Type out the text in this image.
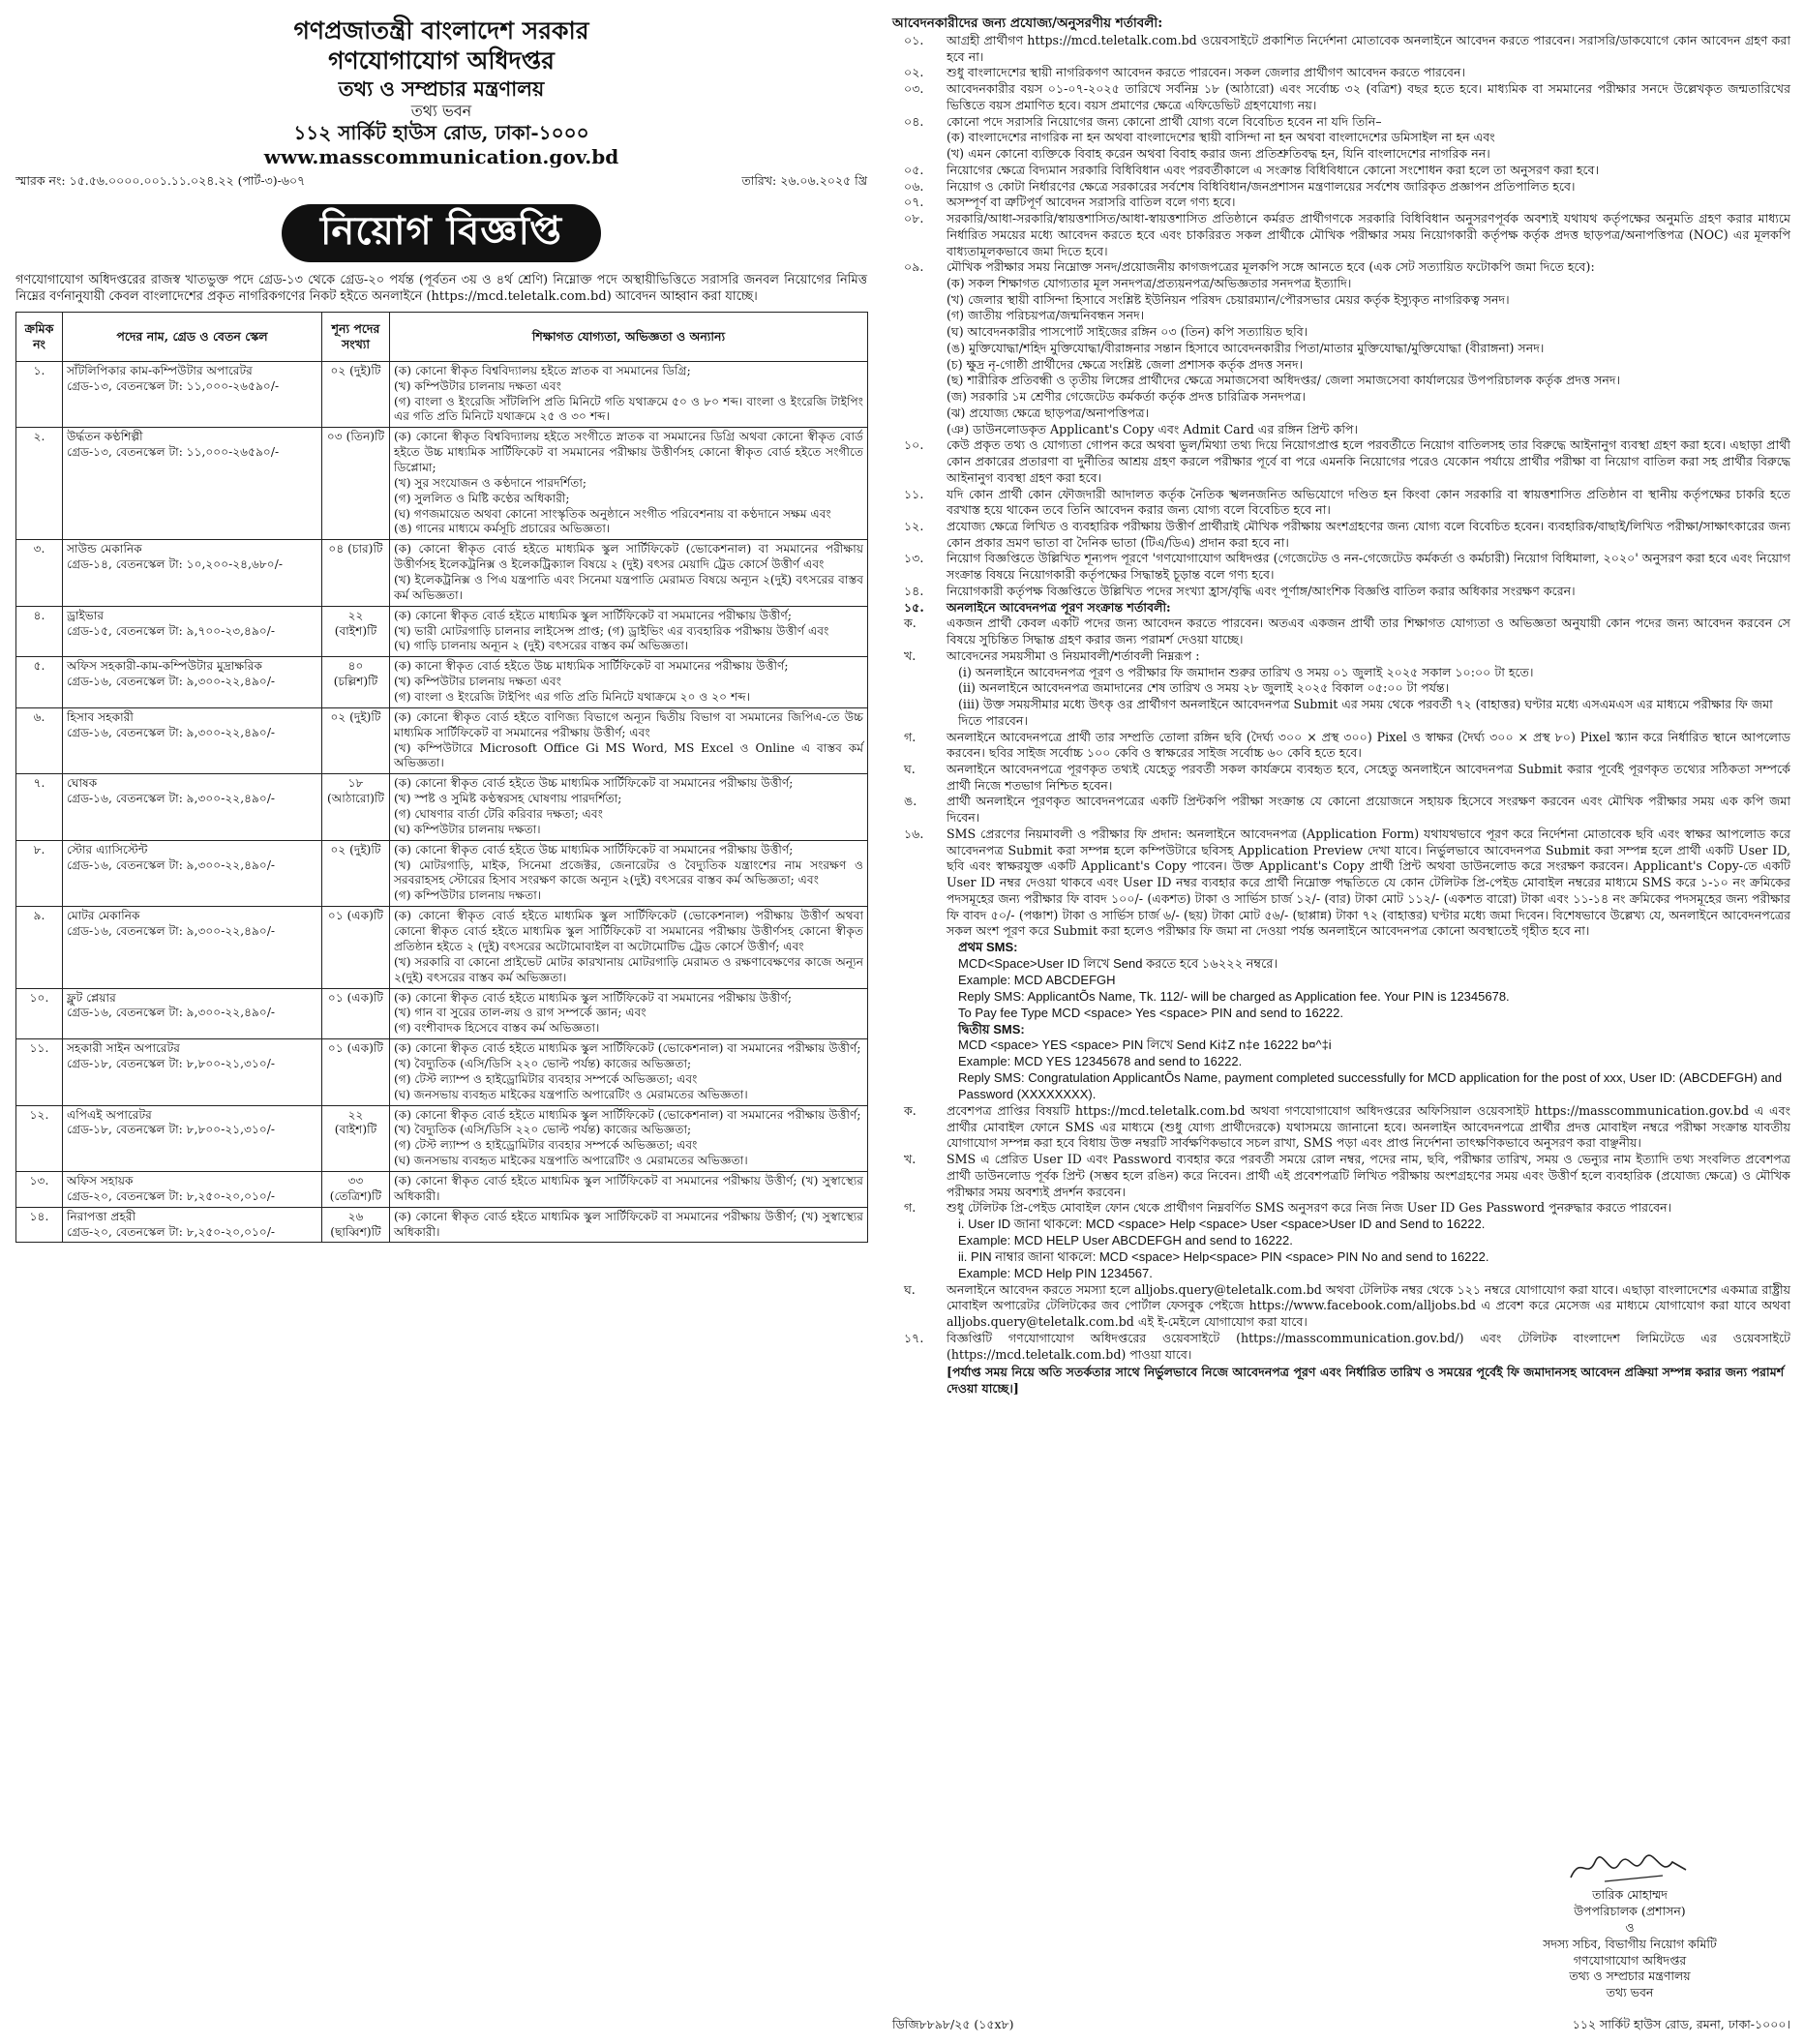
গণপ্রজাতন্ত্রী বাংলাদেশ সরকার
গণযোগাযোগ অধিদপ্তর
তথ্য ও সম্প্রচার মন্ত্রণালয়
তথ্য ভবন
১১২ সার্কিট হাউস রোড, ঢাকা-১০০০
www.masscommunication.gov.bd
স্মারক নং: ১৫.৫৬.০০০০.০০১.১১.০২৪.২২ (পার্ট-৩)-৬০৭	তারিখ: ২৬.০৬.২০২৫ খ্রি
নিয়োগ বিজ্ঞপ্তি
গণযোগাযোগ অধিদপ্তরের রাজস্ব খাতভুক্ত পদে গ্রেড-১৩ থেকে গ্রেড-২০ পর্যন্ত (পূর্বতন ৩য় ও ৪র্থ শ্রেণি) নিম্নোক্ত পদে অস্থায়ীভিত্তিতে সরাসরি জনবল নিয়োগের নিমিত্ত নিম্নের বর্ণনানুযায়ী কেবল বাংলাদেশের প্রকৃত নাগরিকগণের নিকট হইতে অনলাইনে (https://mcd.teletalk.com.bd) আবেদন আহ্বান করা যাচ্ছে।
ক্রমিক নং	পদের নাম, গ্রেড ও বেতন স্কেল	শূন্য পদের সংখ্যা	শিক্ষাগত যোগ্যতা, অভিজ্ঞতা ও অন্যান্য
১.	সাঁটলিপিকার কাম-কম্পিউটার অপারেটর
গ্রেড-১৩, বেতনস্কেল টা: ১১,০০০-২৬৫৯০/-	০২ (দুই)টি	(ক) কোনো স্বীকৃত বিশ্ববিদ্যালয় হইতে স্নাতক বা সমমানের ডিগ্রি;
(খ) কম্পিউটার চালনায় দক্ষতা এবং
(গ) বাংলা ও ইংরেজি সাঁটলিপি প্রতি মিনিটে গতি যথাক্রমে ৫০ ও ৮০ শব্দ। বাংলা ও ইংরেজি টাইপিং এর গতি প্রতি মিনিটে যথাক্রমে ২৫ ও ৩০ শব্দ।

২.	উর্দ্ধতন কণ্ঠশিল্পী
গ্রেড-১৩, বেতনস্কেল টা: ১১,০০০-২৬৫৯০/-	০৩ (তিন)টি	(ক) কোনো স্বীকৃত বিশ্ববিদ্যালয় হইতে সংগীতে স্নাতক বা সমমানের ডিগ্রি অথবা কোনো স্বীকৃত বোর্ড হইতে উচ্চ মাধ্যমিক সার্টিফিকেট বা সমমানের পরীক্ষায় উত্তীর্ণসহ কোনো স্বীকৃত বোর্ড হইতে সংগীতে ডিপ্লোমা;
(খ) সুর সংযোজন ও কণ্ঠদানে পারদর্শিতা;
(গ) সুললিত ও মিষ্টি কণ্ঠের অধিকারী;
(ঘ) গণজমায়েত অথবা কোনো সাংস্কৃতিক অনুষ্ঠানে সংগীত পরিবেশনায় বা কণ্ঠদানে সক্ষম এবং
(ঙ) গানের মাধ্যমে কর্মসূচি প্রচারের অভিজ্ঞতা।

৩.	সাউন্ড মেকানিক
গ্রেড-১৪, বেতনস্কেল টা: ১০,২০০-২৪,৬৮০/-	০৪ (চার)টি	(ক) কোনো স্বীকৃত বোর্ড হইতে মাধ্যমিক স্কুল সার্টিফিকেট (ভোকেশনাল) বা সমমানের পরীক্ষায় উত্তীর্ণসহ ইলেকট্রনিক্স ও ইলেকট্রিক্যাল বিষয়ে ২ (দুই) বৎসর মেয়াদি ট্রেড কোর্সে উত্তীর্ণ এবং
(খ) ইলেকট্রনিক্স ও পিএ যন্ত্রপাতি এবং সিনেমা যন্ত্রপাতি মেরামত বিষয়ে অন্যূন ২(দুই) বৎসরের বাস্তব কর্ম অভিজ্ঞতা।

৪.	ড্রাইভার
গ্রেড-১৫, বেতনস্কেল টা: ৯,৭০০-২৩,৪৯০/-	২২ (বাইশ)টি	(ক) কোনো স্বীকৃত বোর্ড হইতে মাধ্যমিক স্কুল সার্টিফিকেট বা সমমানের পরীক্ষায় উত্তীর্ণ;
(খ) ভারী মোটরগাড়ি চালনার লাইসেন্স প্রাপ্ত; (গ) ড্রাইভিং এর ব্যবহারিক পরীক্ষায় উত্তীর্ণ এবং
(ঘ) গাড়ি চালনায় অন্যূন ২ (দুই) বৎসরের বাস্তব কর্ম অভিজ্ঞতা।

৫.	অফিস সহকারী-কাম-কম্পিউটার মুদ্রাক্ষরিক
গ্রেড-১৬, বেতনস্কেল টা: ৯,৩০০-২২,৪৯০/-	৪০ (চল্লিশ)টি	(ক) কানো স্বীকৃত বোর্ড হইতে উচ্চ মাধ্যমিক সার্টিফিকেট বা সমমানের পরীক্ষায় উত্তীর্ণ;
(খ) কম্পিউটার চালনায় দক্ষতা এবং
(গ) বাংলা ও ইংরেজি টাইপিং এর গতি প্রতি মিনিটে যথাক্রমে ২০ ও ২০ শব্দ।

৬.	হিসাব সহকারী
গ্রেড-১৬, বেতনস্কেল টা: ৯,৩০০-২২,৪৯০/-	০২ (দুই)টি	(ক) কোনো স্বীকৃত বোর্ড হইতে বাণিজ্য বিভাগে অন্যূন দ্বিতীয় বিভাগ বা সমমানের জিপিএ-তে উচ্চ মাধ্যমিক সার্টিফিকেট বা সমমানের পরীক্ষায় উত্তীর্ণ; এবং
(খ) কম্পিউটারে Microsoft Office Gi MS Word, MS Excel ও Online এ বাস্তব কর্ম অভিজ্ঞতা।

৭.	ঘোষক
গ্রেড-১৬, বেতনস্কেল টা: ৯,৩০০-২২,৪৯০/-	১৮ (আঠারো)টি	(ক) কোনো স্বীকৃত বোর্ড হইতে উচ্চ মাধ্যমিক সার্টিফিকেট বা সমমানের পরীক্ষায় উত্তীর্ণ;
(খ) স্পষ্ট ও সুমিষ্ট কণ্ঠস্বরসহ ঘোষণায় পারদর্শিতা;
(গ) ঘোষণার বার্তা টেরি করিবার দক্ষতা; এবং
(ঘ) কম্পিউটার চালনায় দক্ষতা।

৮.	স্টোর এ্যাসিস্টেন্ট
গ্রেড-১৬, বেতনস্কেল টা: ৯,৩০০-২২,৪৯০/-	০২ (দুই)টি	(ক) কোনো স্বীকৃত বোর্ড হইতে উচ্চ মাধ্যমিক সার্টিফিকেট বা সমমানের পরীক্ষায় উত্তীর্ণ;
(খ) মোটরগাড়ি, মাইক, সিনেমা প্রজেক্টর, জেনারেটর ও বৈদ্যুতিক যন্ত্রাংশের নাম সংরক্ষণ ও সরবরাহসহ স্টোরের হিসাব সংরক্ষণ কাজে অন্যূন ২(দুই) বৎসরের বাস্তব কর্ম অভিজ্ঞতা; এবং
(গ) কম্পিউটার চালনায় দক্ষতা।

৯.	মোটর মেকানিক
গ্রেড-১৬, বেতনস্কেল টা: ৯,৩০০-২২,৪৯০/-	০১ (এক)টি	(ক) কোনো স্বীকৃত বোর্ড হইতে মাধ্যমিক স্কুল সার্টিফিকেট (ভোকেশনাল) পরীক্ষায় উত্তীর্ণ অথবা কোনো স্বীকৃত বোর্ড হইতে মাধ্যমিক স্কুল সার্টিফিকেট বা সমমানের পরীক্ষায় উত্তীর্ণসহ কোনো স্বীকৃত প্রতিষ্ঠান হইতে ২ (দুই) বৎসরের অটোমোবাইল বা অটোমোটিভ ট্রেড কোর্সে উত্তীর্ণ; এবং
(খ) সরকারি বা কোনো প্রাইভেট মোটর কারখানায় মোটরগাড়ি মেরামত ও রক্ষণাবেক্ষণের কাজে অন্যূন ২(দুই) বৎসরের বাস্তব কর্ম অভিজ্ঞতা।

১০.	ফ্লুট প্লেয়ার
গ্রেড-১৬, বেতনস্কেল টা: ৯,৩০০-২২,৪৯০/-	০১ (এক)টি	(ক) কোনো স্বীকৃত বোর্ড হইতে মাধ্যমিক স্কুল সার্টিফিকেট বা সমমানের পরীক্ষায় উত্তীর্ণ;
(খ) গান বা সুরের তাল-লয় ও রাগ সম্পর্কে জ্ঞান; এবং
(গ) বংশীবাদক হিসেবে বাস্তব কর্ম অভিজ্ঞতা।

১১.	সহকারী সাইন অপারেটর
গ্রেড-১৮, বেতনস্কেল টা: ৮,৮০০-২১,৩১০/-	০১ (এক)টি	(ক) কোনো স্বীকৃত বোর্ড হইতে মাধ্যমিক স্কুল সার্টিফিকেট (ভোকেশনাল) বা সমমানের পরীক্ষায় উত্তীর্ণ;
(খ) বৈদ্যুতিক (এসি/ডিসি ২২০ ভোল্ট পর্যন্ত) কাজের অভিজ্ঞতা;
(গ) টেস্ট ল্যাম্প ও হাইড্রোমিটার ব্যবহার সম্পর্কে অভিজ্ঞতা; এবং
(ঘ) জনসভায় ব্যবহৃত মাইকের যন্ত্রপাতি অপারেটিং ও মেরামতের অভিজ্ঞতা।

১২.	এপিএই অপারেটর
গ্রেড-১৮, বেতনস্কেল টা: ৮,৮০০-২১,৩১০/-	২২ (বাইশ)টি	(ক) কোনো স্বীকৃত বোর্ড হইতে মাধ্যমিক স্কুল সার্টিফিকেট (ভোকেশনাল) বা সমমানের পরীক্ষায় উত্তীর্ণ;
(খ) বৈদ্যুতিক (এসি/ডিসি ২২০ ভোল্ট পর্যন্ত) কাজের অভিজ্ঞতা;
(গ) টেস্ট ল্যাম্প ও হাইড্রোমিটার ব্যবহার সম্পর্কে অভিজ্ঞতা; এবং
(ঘ) জনসভায় ব্যবহৃত মাইকের যন্ত্রপাতি অপারেটিং ও মেরামতের অভিজ্ঞতা।

১৩.	অফিস সহায়ক
গ্রেড-২০, বেতনস্কেল টা: ৮,২৫০-২০,০১০/-	৩৩ (তেত্রিশ)টি	(ক) কোনো স্বীকৃত বোর্ড হইতে মাধ্যমিক স্কুল সার্টিফিকেট বা সমমানের পরীক্ষায় উত্তীর্ণ; (খ) সুস্বাস্থ্যের অধিকারী।

১৪.	নিরাপত্তা প্রহরী
গ্রেড-২০, বেতনস্কেল টা: ৮,২৫০-২০,০১০/-	২৬ (ছাব্বিশ)টি	(ক) কোনো স্বীকৃত বোর্ড হইতে মাধ্যমিক স্কুল সার্টিফিকেট বা সমমানের পরীক্ষায় উত্তীর্ণ; (খ) সুস্বাস্থ্যের অধিকারী।
আবেদনকারীদের জন্য প্রযোজ্য/অনুসরণীয় শর্তাবলী:
০১.	আগ্রহী প্রার্থীগণ https://mcd.teletalk.com.bd ওয়েবসাইটে প্রকাশিত নির্দেশনা মোতাবেক অনলাইনে আবেদন করতে পারবেন। সরাসরি/ডাকযোগে কোন আবেদন গ্রহণ করা হবে না।
০২.	শুধু বাংলাদেশের স্থায়ী নাগরিকগণ আবেদন করতে পারবেন। সকল জেলার প্রার্থীগণ আবেদন করতে পারবেন।
০৩.	আবেদনকারীর বয়স ০১-০৭-২০২৫ তারিখে সর্বনিম্ন ১৮ (আঠারো) এবং সর্বোচ্চ ৩২ (বত্রিশ) বছর হতে হবে। মাধ্যমিক বা সমমানের পরীক্ষার সনদে উল্লেখকৃত জন্মতারিখের ভিত্তিতে বয়স প্রমাণিত হবে। বয়স প্রমাণের ক্ষেত্রে এফিডেভিট গ্রহণযোগ্য নয়।
০৪.	কোনো পদে সরাসরি নিয়োগের জন্য কোনো প্রার্থী যোগ্য বলে বিবেচিত হবেন না যদি তিনি–
(ক) বাংলাদেশের নাগরিক না হন অথবা বাংলাদেশের স্থায়ী বাসিন্দা না হন অথবা বাংলাদেশের ডমিসাইল না হন এবং
(খ) এমন কোনো ব্যক্তিকে বিবাহ করেন অথবা বিবাহ করার জন্য প্রতিশ্রুতিবদ্ধ হন, যিনি বাংলাদেশের নাগরিক নন।
০৫.	নিয়োগের ক্ষেত্রে বিদ্যমান সরকারি বিধিবিধান এবং পরবর্তীকালে এ সংক্রান্ত বিধিবিধানে কোনো সংশোধন করা হলে তা অনুসরণ করা হবে।
০৬.	নিয়োগ ও কোটা নির্ধারণের ক্ষেত্রে সরকারের সর্বশেষ বিধিবিধান/জনপ্রশাসন মন্ত্রণালয়ের সর্বশেষ জারিকৃত প্রজ্ঞাপন প্রতিপালিত হবে।
০৭.	অসম্পূর্ণ বা ত্রুটিপূর্ণ আবেদন সরাসরি বাতিল বলে গণ্য হবে।
০৮.	সরকারি/আধা-সরকারি/স্বায়ত্তশাসিত/আধা-স্বায়ত্তশাসিত প্রতিষ্ঠানে কর্মরত প্রার্থীগণকে সরকারি বিধিবিধান অনুসরণপূর্বক অবশ্যই যথাযথ কর্তৃপক্ষের অনুমতি গ্রহণ করার মাধ্যমে নির্ধারিত সময়ের মধ্যে আবেদন করতে হবে এবং চাকরিরত সকল প্রার্থীকে মৌখিক পরীক্ষার সময় নিয়োগকারী কর্তৃপক্ষ কর্তৃক প্রদত্ত ছাড়পত্র/অনাপত্তিপত্র (NOC) এর মূলকপি বাধ্যতামূলকভাবে জমা দিতে হবে।
০৯.	মৌখিক পরীক্ষার সময় নিম্নোক্ত সনদ/প্রয়োজনীয় কাগজপত্রের মূলকপি সঙ্গে আনতে হবে (এক সেট সত্যায়িত ফটোকপি জমা দিতে হবে):
(ক) সকল শিক্ষাগত যোগ্যতার মূল সনদপত্র/প্রত্যয়নপত্র/অভিজ্ঞতার সনদপত্র ইত্যাদি।
(খ) জেলার স্থায়ী বাসিন্দা হিসাবে সংশ্লিষ্ট ইউনিয়ন পরিষদ চেয়ারম্যান/পৌরসভার মেয়র কর্তৃক ইস্যুকৃত নাগরিকত্ব সনদ।
(গ) জাতীয় পরিচয়পত্র/জন্মনিবন্ধন সনদ।
(ঘ) আবেদনকারীর পাসপোর্ট সাইজের রঙ্গিন ০৩ (তিন) কপি সত্যায়িত ছবি।
(ঙ) মুক্তিযোদ্ধা/শহিদ মুক্তিযোদ্ধা/বীরাঙ্গনার সন্তান হিসাবে আবেদনকারীর পিতা/মাতার মুক্তিযোদ্ধা/মুক্তিযোদ্ধা (বীরাঙ্গনা) সনদ।
(চ) ক্ষুদ্র নৃ-গোষ্ঠী প্রার্থীদের ক্ষেত্রে সংশ্লিষ্ট জেলা প্রশাসক কর্তৃক প্রদত্ত সনদ।
(ছ) শারীরিক প্রতিবন্ধী ও তৃতীয় লিঙ্গের প্রার্থীদের ক্ষেত্রে সমাজসেবা অধিদপ্তর/ জেলা সমাজসেবা কার্যালয়ের উপপরিচালক কর্তৃক প্রদত্ত সনদ।
(জ) সরকারি ১ম শ্রেণীর গেজেটেড কর্মকর্তা কর্তৃক প্রদত্ত চারিত্রিক সনদপত্র।
(ঝ) প্রযোজ্য ক্ষেত্রে ছাড়পত্র/অনাপত্তিপত্র।
(ঞ) ডাউনলোডকৃত Applicant's Copy এবং Admit Card এর রঙ্গিন প্রিন্ট কপি।
১০.	কেউ প্রকৃত তথ্য ও যোগ্যতা গোপন করে অথবা ভুল/মিথ্যা তথ্য দিয়ে নিয়োগপ্রাপ্ত হলে পরবর্তীতে নিয়োগ বাতিলসহ তার বিরুদ্ধে আইনানুগ ব্যবস্থা গ্রহণ করা হবে। এছাড়া প্রার্থী কোন প্রকারের প্রতারণা বা দুর্নীতির আশ্রয় গ্রহণ করলে পরীক্ষার পূর্বে বা পরে এমনকি নিয়োগের পরেও যেকোন পর্যায়ে প্রার্থীর পরীক্ষা বা নিয়োগ বাতিল করা সহ প্রার্থীর বিরুদ্ধে আইনানুগ ব্যবস্থা গ্রহণ করা হবে।
১১.	যদি কোন প্রার্থী কোন ফৌজদারী আদালত কর্তৃক নৈতিক স্খলনজনিত অভিযোগে দণ্ডিত হন কিংবা কোন সরকারি বা স্বায়ত্তশাসিত প্রতিষ্ঠান বা স্থানীয় কর্তৃপক্ষের চাকরি হতে বরখাস্ত হয়ে থাকেন তবে তিনি আবেদন করার জন্য যোগ্য বলে বিবেচিত হবে না।
১২.	প্রযোজ্য ক্ষেত্রে লিখিত ও ব্যবহারিক পরীক্ষায় উত্তীর্ণ প্রার্থীরাই মৌখিক পরীক্ষায় অংশগ্রহণের জন্য যোগ্য বলে বিবেচিত হবেন। ব্যবহারিক/বাছাই/লিখিত পরীক্ষা/সাক্ষাৎকারের জন্য কোন প্রকার ভ্রমণ ভাতা বা দৈনিক ভাতা (টিএ/ডিএ) প্রদান করা হবে না।
১৩.	নিয়োগ বিজ্ঞপ্তিতে উল্লিখিত শূন্যপদ পূরণে 'গণযোগাযোগ অধিদপ্তর (গেজেটেড ও নন-গেজেটেড কর্মকর্তা ও কর্মচারী) নিয়োগ বিধিমালা, ২০২০' অনুসরণ করা হবে এবং নিয়োগ সংক্রান্ত বিষয়ে নিয়োগকারী কর্তৃপক্ষের সিদ্ধান্তই চূড়ান্ত বলে গণ্য হবে।
১৪.	নিয়োগকারী কর্তৃপক্ষ বিজ্ঞপ্তিতে উল্লিখিত পদের সংখ্যা হ্রাস/বৃদ্ধি এবং পূর্ণাঙ্গ/আংশিক বিজ্ঞপ্তি বাতিল করার অধিকার সংরক্ষণ করেন।
১৫.	অনলাইনে আবেদনপত্র পূরণ সংক্রান্ত শর্তাবলী:
ক.	একজন প্রার্থী কেবল একটি পদের জন্য আবেদন করতে পারবেন। অতএব একজন প্রার্থী তার শিক্ষাগত যোগ্যতা ও অভিজ্ঞতা অনুযায়ী কোন পদের জন্য আবেদন করবেন সে বিষয়ে সুচিন্তিত সিদ্ধান্ত গ্রহণ করার জন্য পরামর্শ দেওয়া যাচ্ছে।
খ.	আবেদনের সময়সীমা ও নিয়মাবলী/শর্তাবলী নিম্নরূপ :
(i) অনলাইনে আবেদনপত্র পূরণ ও পরীক্ষার ফি জমাদান শুরুর তারিখ ও সময় ০১ জুলাই ২০২৫ সকাল ১০:০০ টা হতে।
(ii) অনলাইনে আবেদনপত্র জমাদানের শেষ তারিখ ও সময় ২৮ জুলাই ২০২৫ বিকাল ০৫:০০ টা পর্যন্ত।
(iii) উক্ত সময়সীমার মধ্যে উৎকৃ ওর প্রার্থীগণ অনলাইনে আবেদনপত্র Submit এর সময় থেকে পরবর্তী ৭২ (বাহাত্তর) ঘণ্টার মধ্যে এসএমএস এর মাধ্যমে পরীক্ষার ফি জমা দিতে পারবেন।
গ.	অনলাইনে আবেদনপত্রে প্রার্থী তার সম্প্রতি তোলা রঙ্গিন ছবি (দৈর্ঘ্য ৩০০ × প্রস্থ ৩০০) Pixel ও স্বাক্ষর (দৈর্ঘ্য ৩০০ × প্রস্থ ৮০) Pixel স্ক্যান করে নির্ধারিত স্থানে আপলোড করবেন। ছবির সাইজ সর্বোচ্চ ১০০ কেবি ও স্বাক্ষরের সাইজ সর্বোচ্চ ৬০ কেবি হতে হবে।
ঘ.	অনলাইনে আবেদনপত্রে পূরণকৃত তথ্যই যেহেতু পরবর্তী সকল কার্যক্রমে ব্যবহৃত হবে, সেহেতু অনলাইনে আবেদনপত্র Submit করার পূর্বেই পূরণকৃত তথ্যের সঠিকতা সম্পর্কে প্রার্থী নিজে শতভাগ নিশ্চিত হবেন।
ঙ.	প্রার্থী অনলাইনে পূরণকৃত আবেদনপত্রের একটি প্রিন্টকপি পরীক্ষা সংক্রান্ত যে কোনো প্রয়োজনে সহায়ক হিসেবে সংরক্ষণ করবেন এবং মৌখিক পরীক্ষার সময় এক কপি জমা দিবেন।
১৬.	SMS প্রেরণের নিয়মাবলী ও পরীক্ষার ফি প্রদান: অনলাইনে আবেদনপত্র (Application Form) যথাযথভাবে পূরণ করে নির্দেশনা মোতাবেক ছবি এবং স্বাক্ষর আপলোড করে আবেদনপত্র Submit করা সম্পন্ন হলে কম্পিউটারে ছবিসহ Application Preview দেখা যাবে। নির্ভুলভাবে আবেদনপত্র Submit করা সম্পন্ন হলে প্রার্থী একটি User ID, ছবি এবং স্বাক্ষরযুক্ত একটি Applicant's Copy পাবেন। উক্ত Applicant's Copy প্রার্থী প্রিন্ট অথবা ডাউনলোড করে সংরক্ষণ করবেন। Applicant's Copy-তে একটি User ID নম্বর দেওয়া থাকবে এবং User ID নম্বর ব্যবহার করে প্রার্থী নিম্নোক্ত পদ্ধতিতে যে কোন টেলিটক প্রি-পেইড মোবাইল নম্বরের মাধ্যমে SMS করে ১-১০ নং ক্রমিকের পদসমূহের জন্য পরীক্ষার ফি বাবদ ১০০/- (একশত) টাকা ও সার্ভিস চার্জ ১২/- (বার) টাকা মোট ১১২/- (একশত বারো) টাকা এবং ১১-১৪ নং ক্রমিকের পদসমূহের জন্য পরীক্ষার ফি বাবদ ৫০/- (পঞ্চাশ) টাকা ও সার্ভিস চার্জ ৬/- (ছয়) টাকা মোট ৫৬/- (ছাপ্পান্ন) টাকা ৭২ (বাহাত্তর) ঘণ্টার মধ্যে জমা দিবেন। বিশেষভাবে উল্লেখ্য যে, অনলাইনে আবেদনপত্রের সকল অংশ পূরণ করে Submit করা হলেও পরীক্ষার ফি জমা না দেওয়া পর্যন্ত অনলাইনে আবেদনপত্র কোনো অবস্থাতেই গৃহীত হবে না।
প্রথম SMS:
MCD<Space>User ID লিখে Send করতে হবে ১৬২২২ নম্বরে।
Example: MCD ABCDEFGH
Reply SMS: ApplicantÕs Name, Tk. 112/- will be charged as Application fee. Your PIN is 12345678.
To Pay fee Type MCD <space> Yes <space> PIN and send to 16222.
দ্বিতীয় SMS:
MCD <space> YES <space> PIN লিখে Send Ki‡Z n‡e 16222 b¤^‡i
Example: MCD YES 12345678 and send to 16222.
Reply SMS: Congratulation ApplicantÕs Name, payment completed successfully for MCD application for the post of xxx, User ID: (ABCDEFGH) and Password (XXXXXXXX).
ক.	প্রবেশপত্র প্রাপ্তির বিষয়টি https://mcd.teletalk.com.bd অথবা গণযোগাযোগ অধিদপ্তরের অফিসিয়াল ওয়েবসাইট https://masscommunication.gov.bd এ এবং প্রার্থীর মোবাইল ফোনে SMS এর মাধ্যমে (শুধু যোগ্য প্রার্থীদেরকে) যথাসময়ে জানানো হবে। অনলাইন আবেদনপত্রে প্রার্থীর প্রদত্ত মোবাইল নম্বরে পরীক্ষা সংক্রান্ত যাবতীয় যোগাযোগ সম্পন্ন করা হবে বিধায় উক্ত নম্বরটি সার্বক্ষণিকভাবে সচল রাখা, SMS পড়া এবং প্রাপ্ত নির্দেশনা তাৎক্ষণিকভাবে অনুসরণ করা বাঞ্ছনীয়।
খ.	SMS এ প্রেরিত User ID এবং Password ব্যবহার করে পরবর্তী সময়ে রোল নম্বর, পদের নাম, ছবি, পরীক্ষার তারিখ, সময় ও ভেন্যুর নাম ইত্যাদি তথ্য সংবলিত প্রবেশপত্র প্রার্থী ডাউনলোড পূর্বক প্রিন্ট (সম্ভব হলে রঙিন) করে নিবেন। প্রার্থী এই প্রবেশপত্রটি লিখিত পরীক্ষায় অংশগ্রহণের সময় এবং উত্তীর্ণ হলে ব্যবহারিক (প্রযোজ্য ক্ষেত্রে) ও মৌখিক পরীক্ষার সময় অবশ্যই প্রদর্শন করবেন।
গ.	শুধু টেলিটক প্রি-পেইড মোবাইল ফোন থেকে প্রার্থীগণ নিম্নবর্ণিত SMS অনুসরণ করে নিজ নিজ User ID Ges Password পুনরুদ্ধার করতে পারবেন।
i. User ID জানা থাকলে: MCD <space> Help <space> User <space>User ID and Send to 16222.
Example: MCD HELP User ABCDEFGH and send to 16222.
ii. PIN নাম্বার জানা থাকলে: MCD <space> Help<space> PIN <space> PIN No and send to 16222.
Example: MCD Help PIN 1234567.
ঘ.	অনলাইনে আবেদন করতে সমস্যা হলে alljobs.query@teletalk.com.bd অথবা টেলিটক নম্বর থেকে ১২১ নম্বরে যোগাযোগ করা যাবে। এছাড়া বাংলাদেশের একমাত্র রাষ্ট্রীয় মোবাইল অপারেটর টেলিটকের জব পোর্টাল ফেসবুক পেইজে https://www.facebook.com/alljobs.bd এ প্রবেশ করে মেসেজ এর মাধ্যমে যোগাযোগ করা যাবে অথবা alljobs.query@teletalk.com.bd এই ই-মেইলে যোগাযোগ করা যাবে।
১৭.	বিজ্ঞপ্তিটি গণযোগাযোগ অধিদপ্তরের ওয়েবসাইটে (https://masscommunication.gov.bd/) এবং টেলিটক বাংলাদেশ লিমিটেডে এর ওয়েবসাইটে (https://mcd.teletalk.com.bd) পাওয়া যাবে।
[পর্যাপ্ত সময় নিয়ে অতি সতর্কতার সাথে নির্ভুলভাবে নিজে আবেদনপত্র পূরণ এবং নির্ধারিত তারিখ ও সময়ের পূর্বেই ফি জমাদানসহ আবেদন প্রক্রিয়া সম্পন্ন করার জন্য পরামর্শ দেওয়া যাচ্ছে।]
তারিক মোহাম্মদ
উপপরিচালক (প্রশাসন)
ও
সদস্য সচিব, বিভাগীয় নিয়োগ কমিটি
গণযোগাযোগ অধিদপ্তর
তথ্য ও সম্প্রচার মন্ত্রণালয়
তথ্য ভবন
ডিজি৮৮৯৮/২৫ (১৫x৮)	১১২ সার্কিট হাউস রোড, রমনা, ঢাকা-১০০০।
